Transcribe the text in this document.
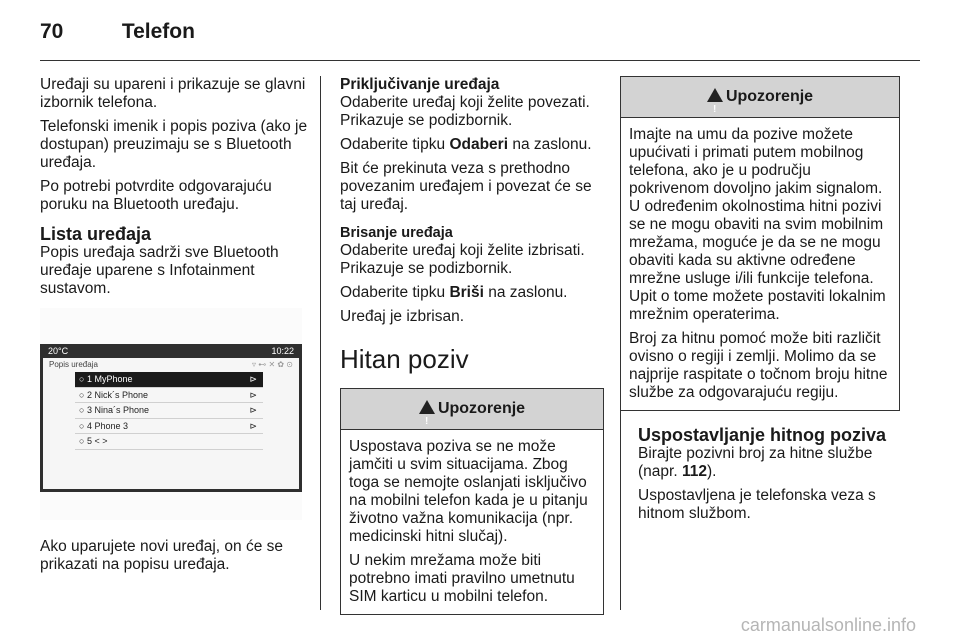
70	Telefon

Uređaji su upareni i prikazuje se glavni izbornik telefona.

Telefonski imenik i popis poziva (ako je dostupan) preuzimaju se s Bluetooth uređaja.

Po potrebi potvrdite odgovarajuću poruku na Bluetooth uređaju.

Lista uređaja

Popis uređaja sadrži sve Bluetooth uređaje uparene s Infotainment sustavom.

20°C	10:22
Popis uređaja	▿ ⊷ ✕ ✿ ⊙
○ 1 MyPhone	⊳
○ 2 Nick´s Phone	⊳
○ 3 Nina´s Phone	⊳
○ 4 Phone 3	⊳
○ 5 < >

Ako uparujete novi uređaj, on će se prikazati na popisu uređaja.

Priključivanje uređaja

Odaberite uređaj koji želite povezati. Prikazuje se podizbornik.

Odaberite tipku Odaberi na zaslonu.

Bit će prekinuta veza s prethodno povezanim uređajem i povezat će se taj uređaj.

Brisanje uređaja

Odaberite uređaj koji želite izbrisati. Prikazuje se podizbornik.

Odaberite tipku Briši na zaslonu.

Uređaj je izbrisan.

Hitan poziv
!Upozorenje

Uspostava poziva se ne može jamčiti u svim situacijama. Zbog toga se nemojte oslanjati isključivo na mobilni telefon kada je u pitanju životno važna komunikacija (npr. medicinski hitni slučaj).

U nekim mrežama može biti potrebno imati pravilno umetnutu SIM karticu u mobilni telefon.

!Upozorenje

Imajte na umu da pozive možete upućivati i primati putem mobilnog telefona, ako je u području pokrivenom dovoljno jakim signalom. U određenim okolnostima hitni pozivi se ne mogu obaviti na svim mobilnim mrežama, moguće je da se ne mogu obaviti kada su aktivne određene mrežne usluge i/ili funkcije telefona. Upit o tome možete postaviti lokalnim mrežnim operaterima.

Broj za hitnu pomoć može biti različit ovisno o regiji i zemlji. Molimo da se najprije raspitate o točnom broju hitne službe za odgovarajuću regiju.

Uspostavljanje hitnog poziva

Birajte pozivni broj za hitne službe (napr. 112).

Uspostavljena je telefonska veza s hitnom službom.

carmanualsonline.info
